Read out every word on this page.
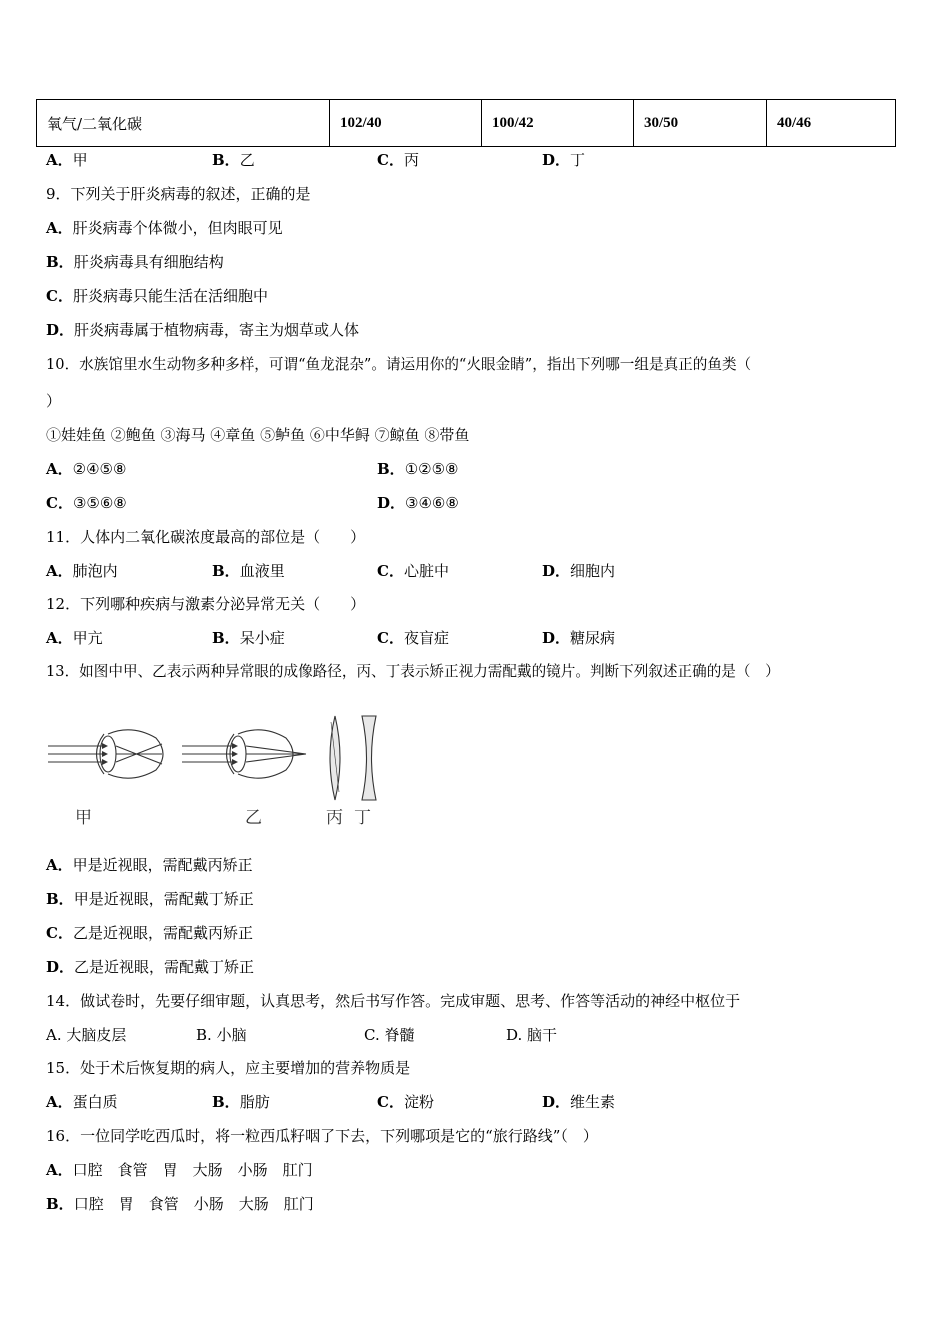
氧气/二氧化碳	102/40	100/42	30/50	40/46
A．甲	B．乙	C．丙	D．丁
9．下列关于肝炎病毒的叙述，正确的是
A．肝炎病毒个体微小，但肉眼可见
B．肝炎病毒具有细胞结构
C．肝炎病毒只能生活在活细胞中
D．肝炎病毒属于植物病毒，寄主为烟草或人体
10．水族馆里水生动物多种多样，可谓“鱼龙混杂”。请运用你的“火眼金睛”，指出下列哪一组是真正的鱼类（
）
①娃娃鱼 ②鲍鱼 ③海马 ④章鱼 ⑤鲈鱼 ⑥中华鲟 ⑦鲸鱼 ⑧带鱼
A．②④⑤⑧	B．①②⑤⑧
C．③⑤⑥⑧	D．③④⑥⑧
11．人体内二氧化碳浓度最高的部位是（　　）
A．肺泡内	B．血液里	C．心脏中	D．细胞内
12．下列哪种疾病与激素分泌异常无关（　　）
A．甲亢	B．呆小症	C．夜盲症	D．糖尿病
13．如图中甲、乙表示两种异常眼的成像路径，丙、丁表示矫正视力需配戴的镜片。判断下列叙述正确的是（　）
甲	乙	丙 丁
A．甲是近视眼，需配戴丙矫正
B．甲是近视眼，需配戴丁矫正
C．乙是近视眼，需配戴丙矫正
D．乙是近视眼，需配戴丁矫正
14．做试卷时，先要仔细审题，认真思考，然后书写作答。完成审题、思考、作答等活动的神经中枢位于
A. 大脑皮层	B. 小脑	C. 脊髓	D. 脑干
15．处于术后恢复期的病人，应主要增加的营养物质是
A．蛋白质	B．脂肪	C．淀粉	D．维生素
16．一位同学吃西瓜时，将一粒西瓜籽咽了下去，下列哪项是它的“旅行路线”（　）
A．口腔　食管　胃　大肠　小肠　肛门
B．口腔　胃　食管　小肠　大肠　肛门
